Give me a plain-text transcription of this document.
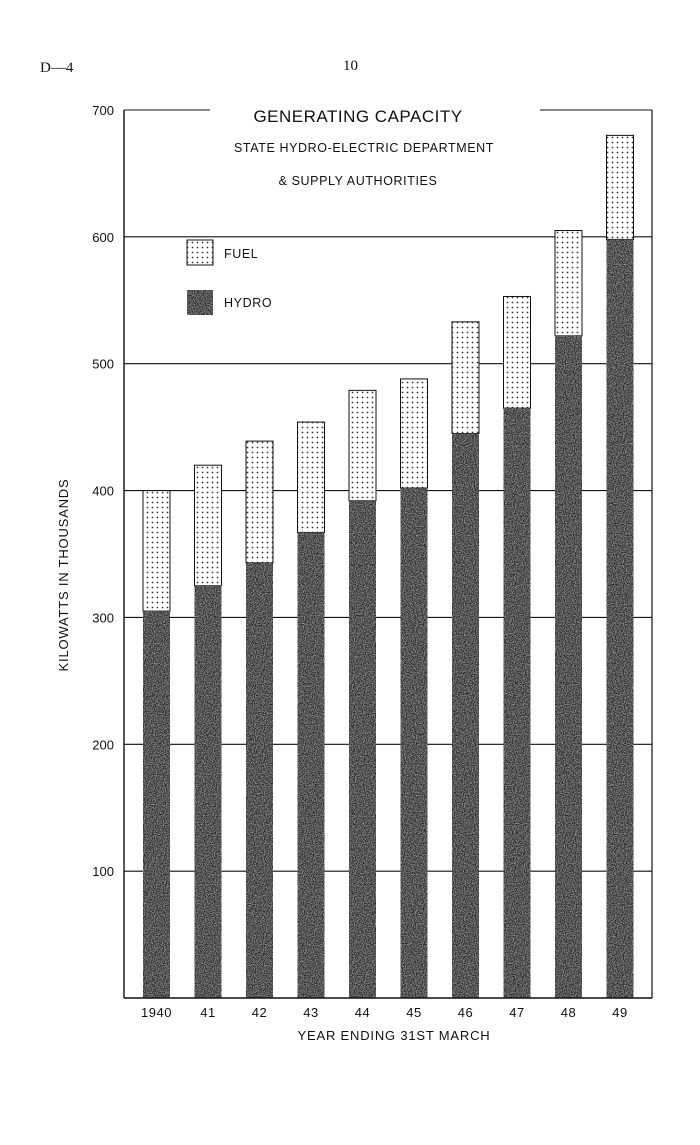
D—4	10
GENERATING CAPACITY
STATE HYDRO-ELECTRIC DEPARTMENT
& SUPPLY AUTHORITIES
FUEL
HYDRO
100
200
300
400
500
600
700
1940 41	42	43	44	45	46	47	48	49
YEAR ENDING 31ST MARCH
KILOWATTS IN THOUSANDS
